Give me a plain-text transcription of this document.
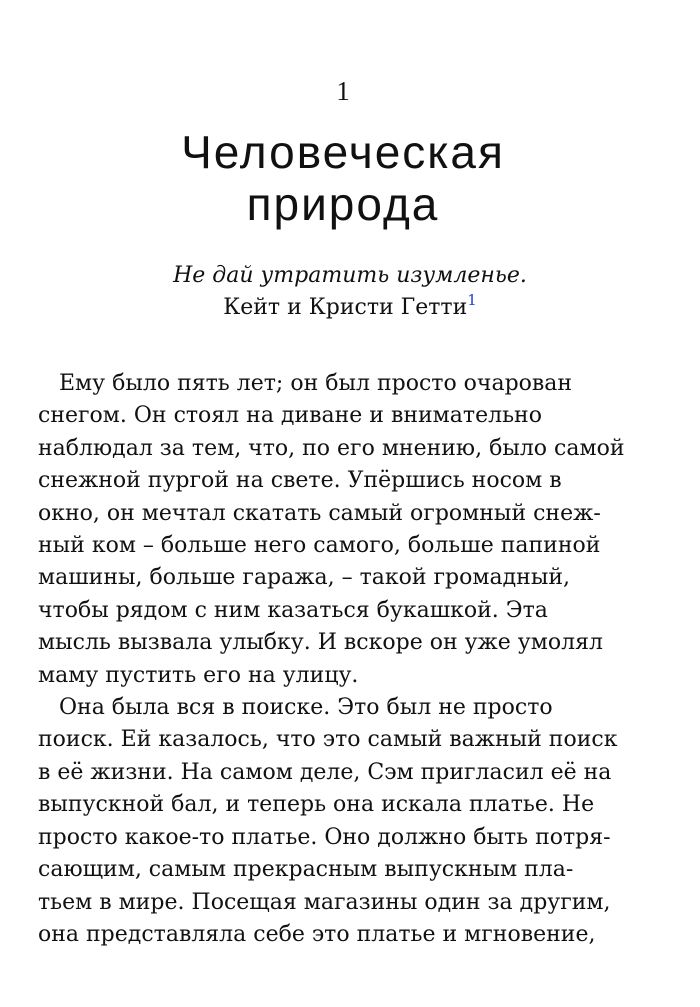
1
Человеческая
природа
Не дай утратить изумленье.
Кейт и Кристи Гетти$^1$
Ему было пять лет; он был просто очарован
снегом. Он стоял на диване и внимательно
наблюдал за тем, что, по его мнению, было самой
снежной пургой на свете. Упёршись носом в
окно, он мечтал скатать самый огромный снеж-
ный ком – больше него самого, больше папиной
машины, больше гаража, – такой громадный,
чтобы рядом с ним казаться букашкой. Эта
мысль вызвала улыбку. И вскоре он уже умолял
маму пустить его на улицу.
Она была вся в поиске. Это был не просто
поиск. Ей казалось, что это самый важный поиск
в её жизни. На самом деле, Сэм пригласил её на
выпускной бал, и теперь она искала платье. Не
просто какое-то платье. Оно должно быть потря-
сающим, самым прекрасным выпускным пла-
тьем в мире. Посещая магазины один за другим,
она представляла себе это платье и мгновение,
